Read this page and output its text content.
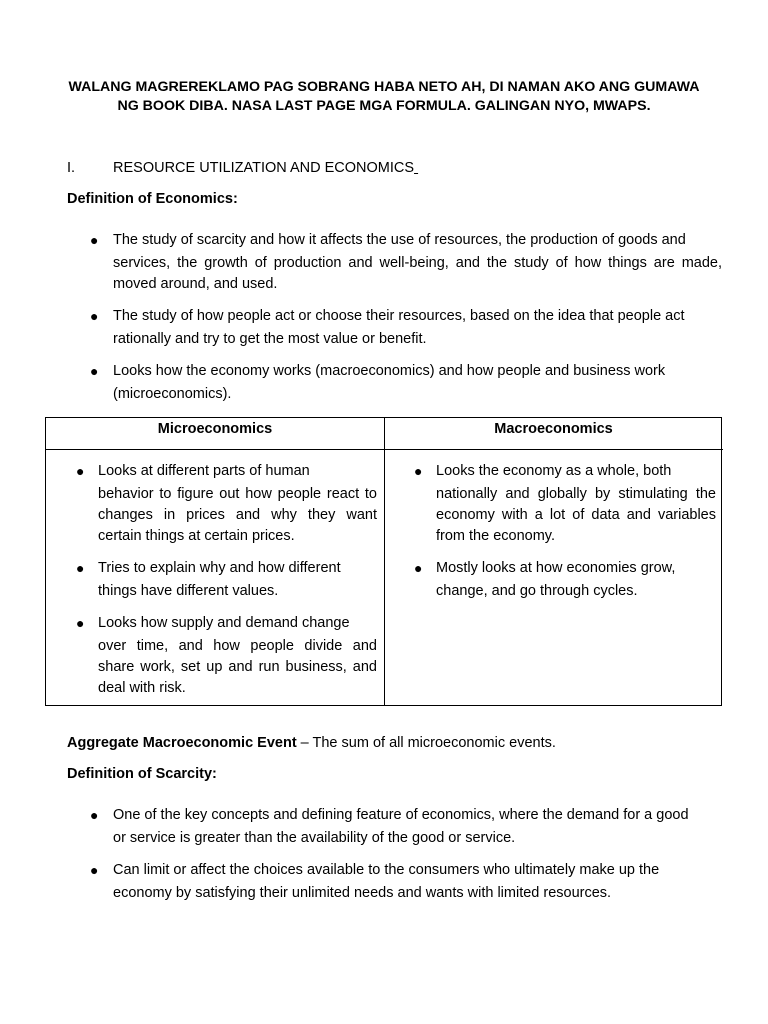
WALANG MAGREREKLAMO PAG SOBRANG HABA NETO AH, DI NAMAN AKO ANG GUMAWA
NG BOOK DIBA. NASA LAST PAGE MGA FORMULA. GALINGAN NYO, MWAPS.
I.	RESOURCE UTILIZATION AND ECONOMICS
Definition of Economics:
● The study of scarcity and how it affects the use of resources, the production of goods and
services, the growth of production and well-being, and the study of how things are made, moved around, and used.
● The study of how people act or choose their resources, based on the idea that people act
rationally and try to get the most value or benefit.
● Looks how the economy works (macroeconomics) and how people and business work
(microeconomics).
Microeconomics	Macroeconomics
● Looks at different parts of human
behavior to figure out how people react to changes in prices and why they want certain things at certain prices.
● Tries to explain why and how different
things have different values.
● Looks how supply and demand change
over time, and how people divide and share work, set up and run business, and deal with risk.
● Looks the economy as a whole, both
nationally and globally by stimulating the economy with a lot of data and variables from the economy.
● Mostly looks at how economies grow,
change, and go through cycles.
Aggregate Macroeconomic Event – The sum of all microeconomic events.
Definition of Scarcity:
● One of the key concepts and defining feature of economics, where the demand for a good
or service is greater than the availability of the good or service.
● Can limit or affect the choices available to the consumers who ultimately make up the
economy by satisfying their unlimited needs and wants with limited resources.
